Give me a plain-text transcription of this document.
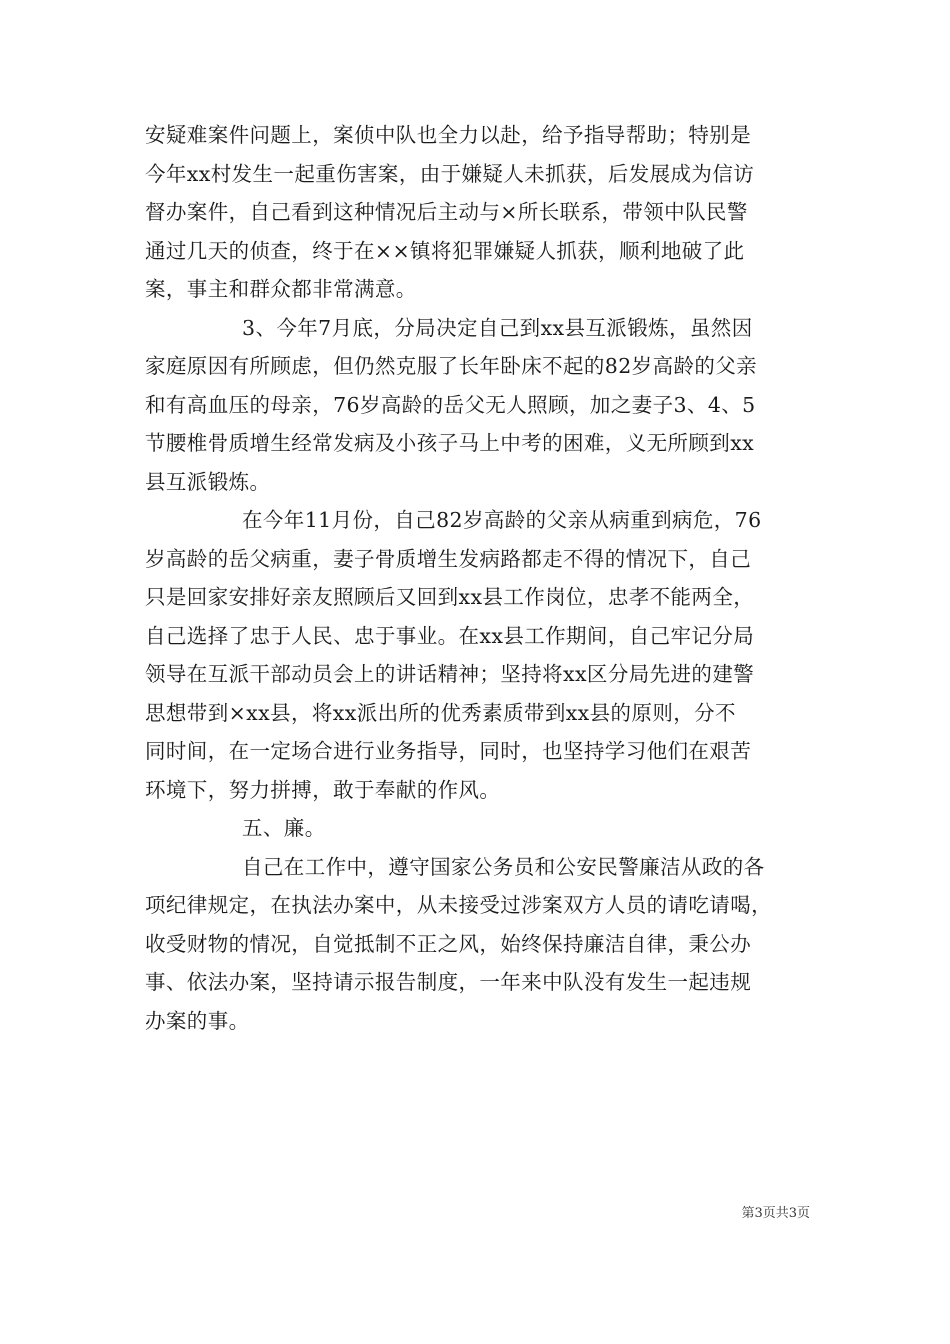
安疑难案件问题上，案侦中队也全力以赴，给予指导帮助；特别是
今年xx村发生一起重伤害案，由于嫌疑人未抓获，后发展成为信访
督办案件，自己看到这种情况后主动与×所长联系，带领中队民警
通过几天的侦查，终于在××镇将犯罪嫌疑人抓获，顺利地破了此
案，事主和群众都非常满意。
3、今年7月底，分局决定自己到xx县互派锻炼，虽然因
家庭原因有所顾虑，但仍然克服了长年卧床不起的82岁高龄的父亲
和有高血压的母亲，76岁高龄的岳父无人照顾，加之妻子3、4、5
节腰椎骨质增生经常发病及小孩子马上中考的困难，义无所顾到xx
县互派锻炼。
在今年11月份，自己82岁高龄的父亲从病重到病危，76
岁高龄的岳父病重，妻子骨质增生发病路都走不得的情况下，自己
只是回家安排好亲友照顾后又回到xx县工作岗位，忠孝不能两全，
自己选择了忠于人民、忠于事业。在xx县工作期间，自己牢记分局
领导在互派干部动员会上的讲话精神；坚持将xx区分局先进的建警
思想带到×xx县，将xx派出所的优秀素质带到xx县的原则，分不
同时间，在一定场合进行业务指导，同时，也坚持学习他们在艰苦
环境下，努力拼搏，敢于奉献的作风。
五、廉。
自己在工作中，遵守国家公务员和公安民警廉洁从政的各
项纪律规定，在执法办案中，从未接受过涉案双方人员的请吃请喝，
收受财物的情况，自觉抵制不正之风，始终保持廉洁自律，秉公办
事、依法办案，坚持请示报告制度，一年来中队没有发生一起违规
办案的事。
第3页共3页
